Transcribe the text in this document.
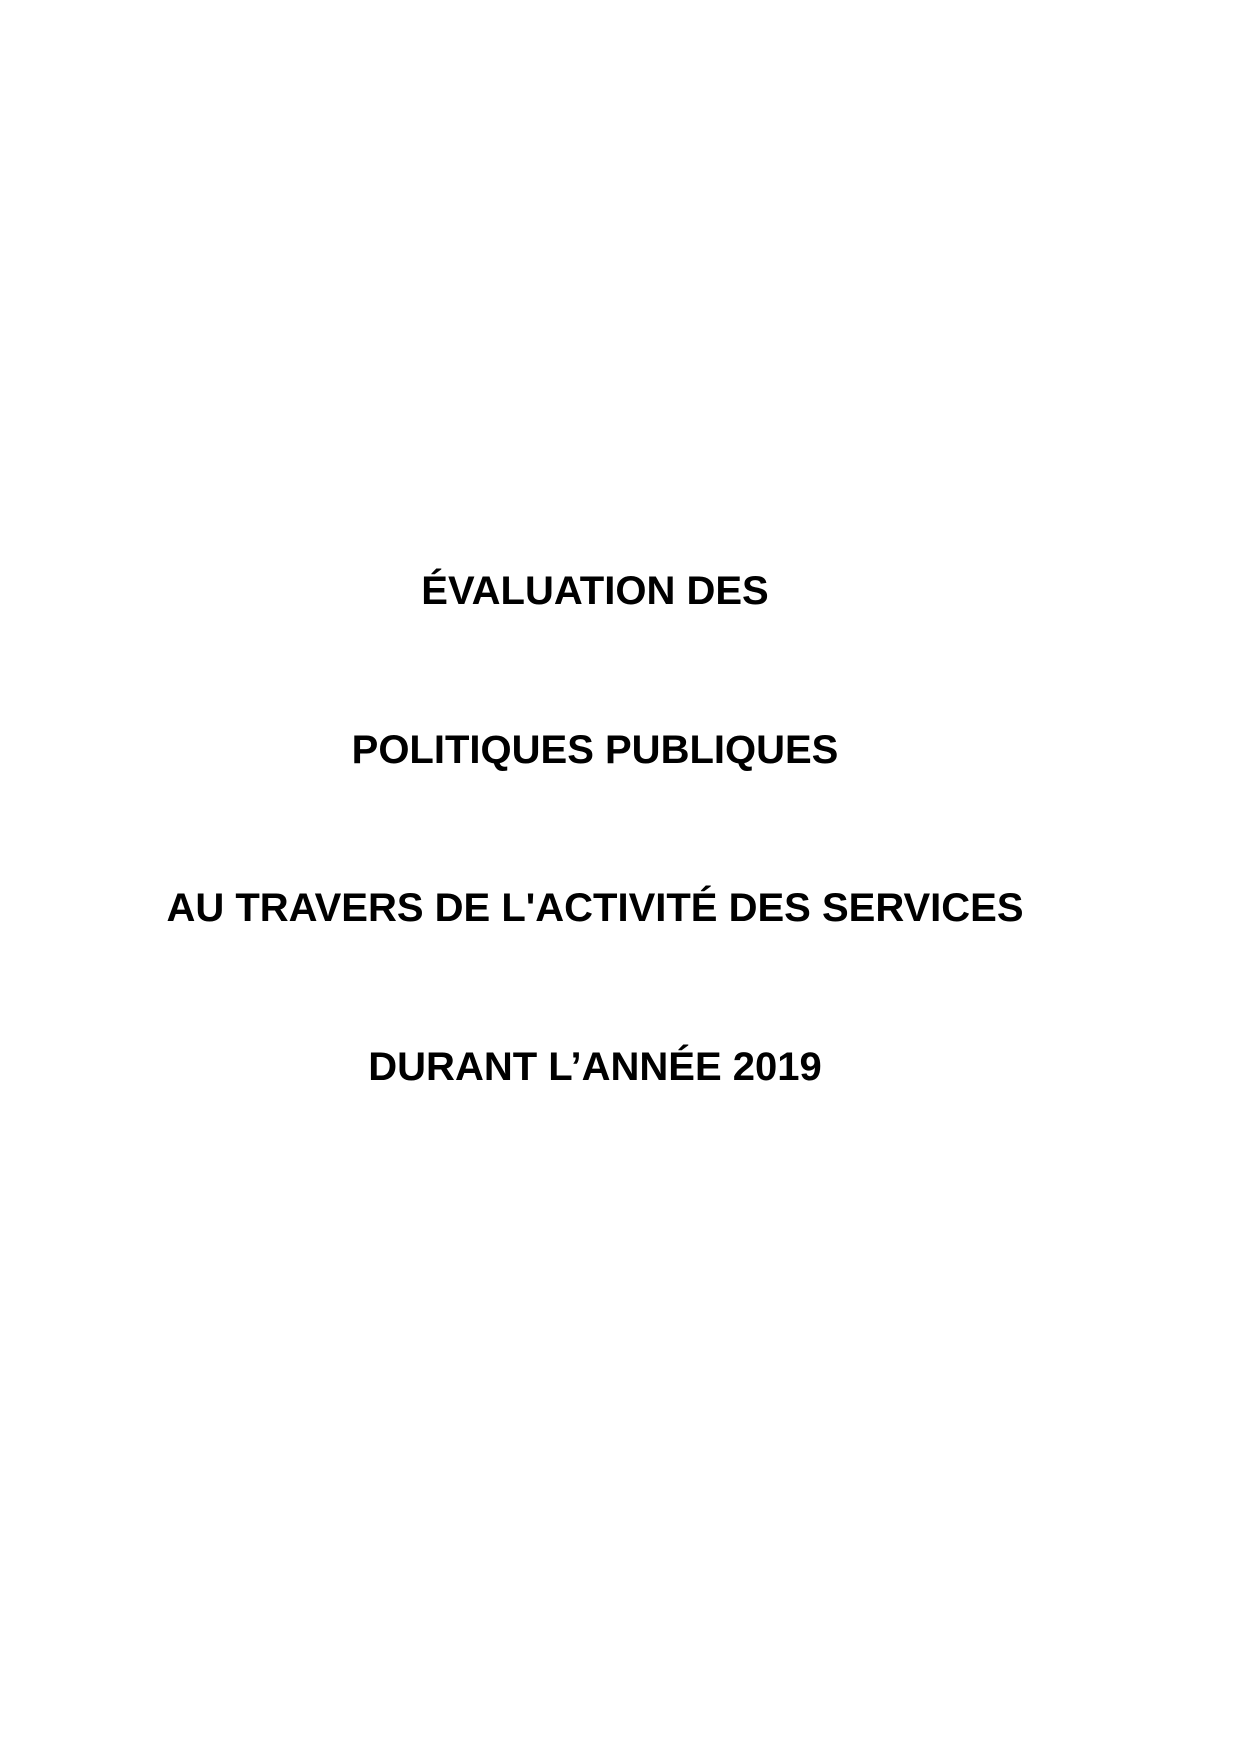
ÉVALUATION DES
POLITIQUES PUBLIQUES
AU TRAVERS DE L'ACTIVITÉ DES SERVICES
DURANT L’ANNÉE 2019
